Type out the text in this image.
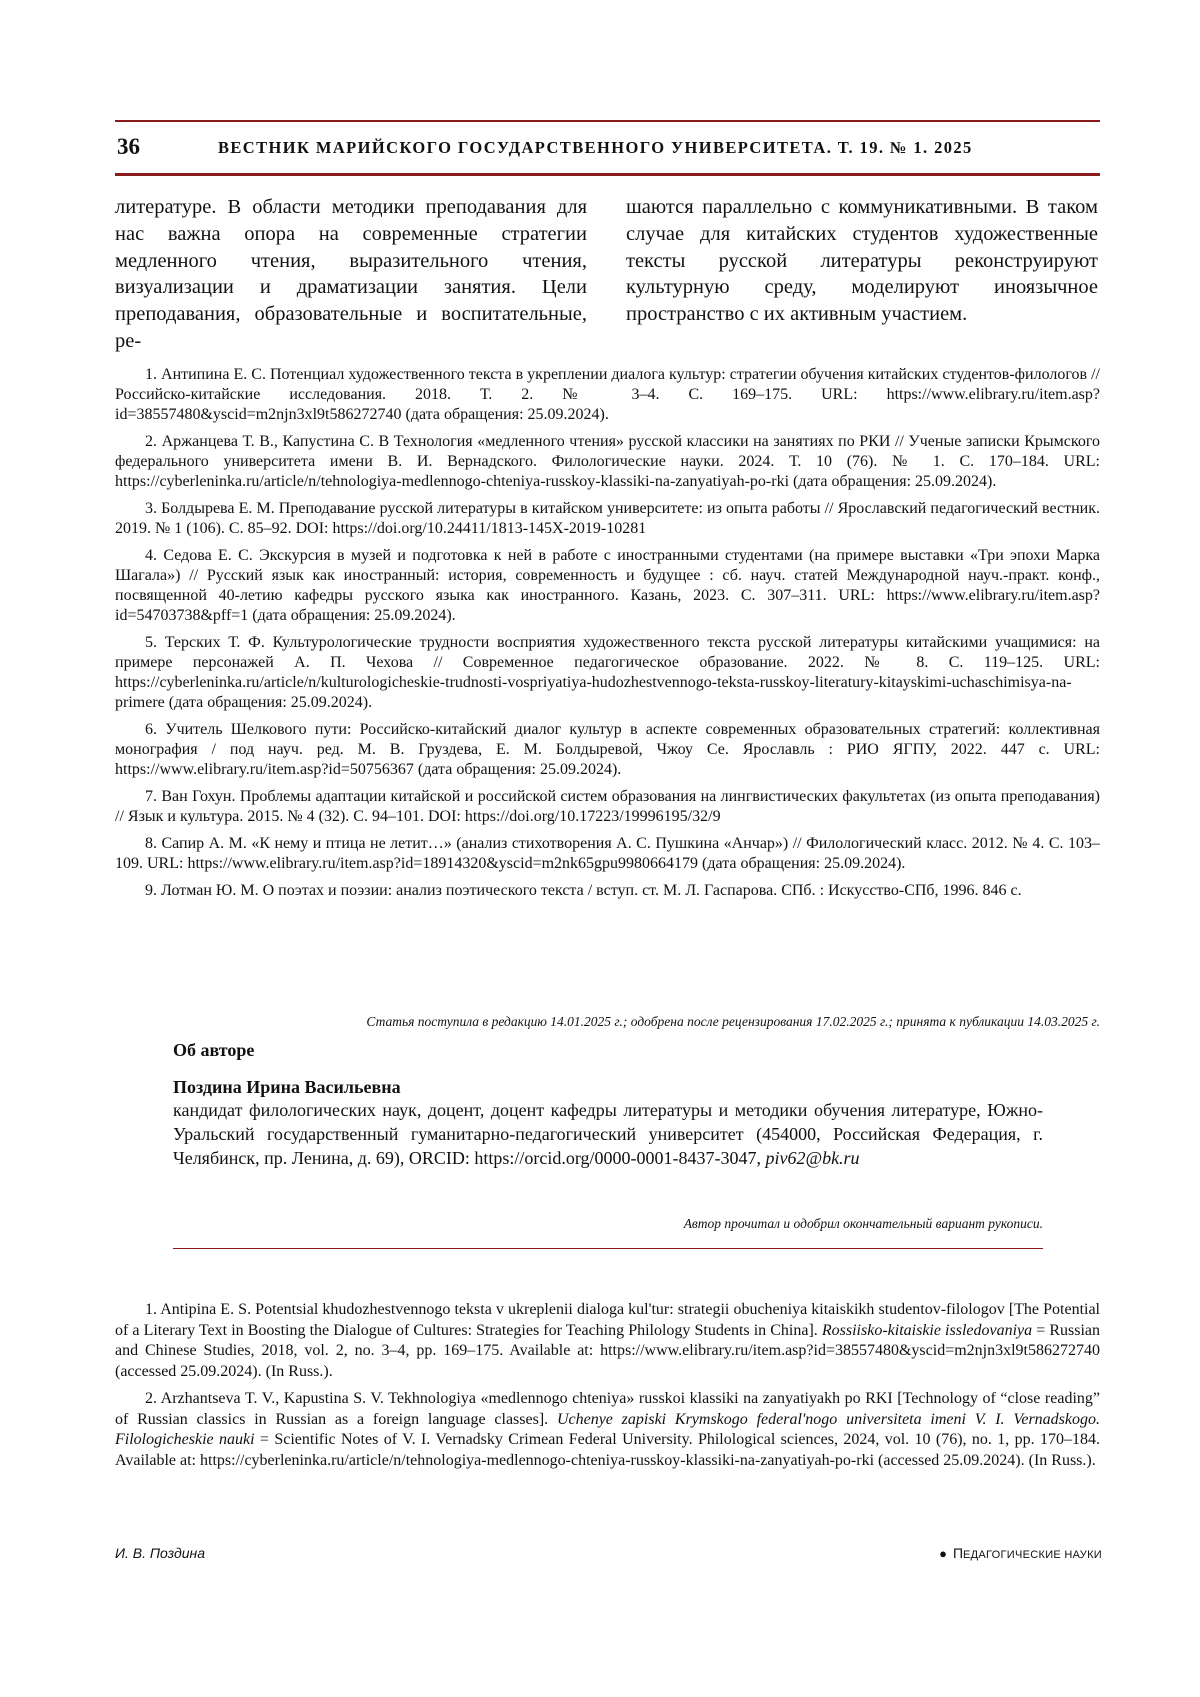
36	ВЕСТНИК МАРИЙСКОГО ГОСУДАРСТВЕННОГО УНИВЕРСИТЕТА. Т. 19. № 1. 2025

литературе. В области методики преподавания для нас важна опора на современные стратегии медленного чтения, выразительного чтения, визуализации и драматизации занятия. Цели преподавания, образовательные и воспитательные, ре-

шаются параллельно с коммуникативными. В таком случае для китайских студентов художественные тексты русской литературы реконструируют культурную среду, моделируют иноязычное пространство с их активным участием.

1. Антипина Е. С. Потенциал художественного текста в укреплении диалога культур: стратегии обучения китайских студентов-филологов // Российско-китайские исследования. 2018. Т. 2. № 3–4. С. 169–175. URL: https://www.elibrary.ru/item.asp?id=38557480&yscid=m2njn3xl9t586272740 (дата обращения: 25.09.2024).

2. Аржанцева Т. В., Капустина С. В Технология «медленного чтения» русской классики на занятиях по РКИ // Ученые записки Крымского федерального университета имени В. И. Вернадского. Филологические науки. 2024. Т. 10 (76). № 1. С. 170–184. URL: https://cyberleninka.ru/article/n/tehnologiya-medlennogo-chteniya-russkoy-klassiki-na-zanyatiyah-po-rki (дата обращения: 25.09.2024).

3. Болдырева Е. М. Преподавание русской литературы в китайском университете: из опыта работы // Ярославский педагогический вестник. 2019. № 1 (106). С. 85–92. DOI: https://doi.org/10.24411/1813-145X-2019-10281

4. Седова Е. С. Экскурсия в музей и подготовка к ней в работе с иностранными студентами (на примере выставки «Три эпохи Марка Шагала») // Русский язык как иностранный: история, современность и будущее : сб. науч. статей Международной науч.-практ. конф., посвященной 40-летию кафедры русского языка как иностранного. Казань, 2023. С. 307–311. URL: https://www.elibrary.ru/item.asp?id=54703738&pff=1 (дата обращения: 25.09.2024).

5. Терских Т. Ф. Культурологические трудности восприятия художественного текста русской литературы китайскими учащимися: на примере персонажей А. П. Чехова // Современное педагогическое образование. 2022. № 8. С. 119–125. URL: https://cyberleninka.ru/article/n/kulturologicheskie-trudnosti-vospriyatiya-hudozhestvennogo-teksta-russkoy-literatury-kitayskimi-uchaschimisya-na-primere (дата обращения: 25.09.2024).

6. Учитель Шелкового пути: Российско-китайский диалог культур в аспекте современных образовательных стратегий: коллективная монография / под науч. ред. М. В. Груздева, Е. М. Болдыревой, Чжоу Се. Ярославль : РИО ЯГПУ, 2022. 447 с. URL: https://www.elibrary.ru/item.asp?id=50756367 (дата обращения: 25.09.2024).

7. Ван Гохун. Проблемы адаптации китайской и российской систем образования на лингвистических факультетах (из опыта преподавания) // Язык и культура. 2015. № 4 (32). С. 94–101. DOI: https://doi.org/10.17223/19996195/32/9

8. Сапир А. М. «К нему и птица не летит…» (анализ стихотворения А. С. Пушкина «Анчар») // Филологический класс. 2012. № 4. С. 103–109. URL: https://www.elibrary.ru/item.asp?id=18914320&yscid=m2nk65gpu9980664179 (дата обращения: 25.09.2024).

9. Лотман Ю. М. О поэтах и поэзии: анализ поэтического текста / вступ. ст. М. Л. Гаспарова. СПб. : Искусство-СПб, 1996. 846 с.

Статья поступила в редакцию 14.01.2025 г.; одобрена после рецензирования 17.02.2025 г.; принята к публикации 14.03.2025 г.

Об авторе

Поздина Ирина Васильевна

кандидат филологических наук, доцент, доцент кафедры литературы и методики обучения литературе, Южно-Уральский государственный гуманитарно-педагогический университет (454000, Российская Федерация, г. Челябинск, пр. Ленина, д. 69), ORCID: https://orcid.org/0000-0001-8437-3047, piv62@bk.ru

Автор прочитал и одобрил окончательный вариант рукописи.

1. Antipina E. S. Potentsial khudozhestvennogo teksta v ukreplenii dialoga kul'tur: strategii obucheniya kitaiskikh studentov-filologov [The Potential of a Literary Text in Boosting the Dialogue of Cultures: Strategies for Teaching Philology Students in China]. Rossiisko-kitaiskie issledovaniya = Russian and Chinese Studies, 2018, vol. 2, no. 3–4, pp. 169–175. Available at: https://www.elibrary.ru/item.asp?id=38557480&yscid=m2njn3xl9t586272740 (accessed 25.09.2024). (In Russ.).

2. Arzhantseva T. V., Kapustina S. V. Tekhnologiya «medlennogo chteniya» russkoi klassiki na zanyatiyakh po RKI [Technology of “close reading” of Russian classics in Russian as a foreign language classes]. Uchenye zapiski Krymskogo federal'nogo universiteta imeni V. I. Vernadskogo. Filologicheskie nauki = Scientific Notes of V. I. Vernadsky Crimean Federal University. Philological sciences, 2024, vol. 10 (76), no. 1, pp. 170–184. Available at: https://cyberleninka.ru/article/n/tehnologiya-medlennogo-chteniya-russkoy-klassiki-na-zanyatiyah-po-rki (accessed 25.09.2024). (In Russ.).

И. В. Поздина	● ПЕДАГОГИЧЕСКИЕ НАУКИ
